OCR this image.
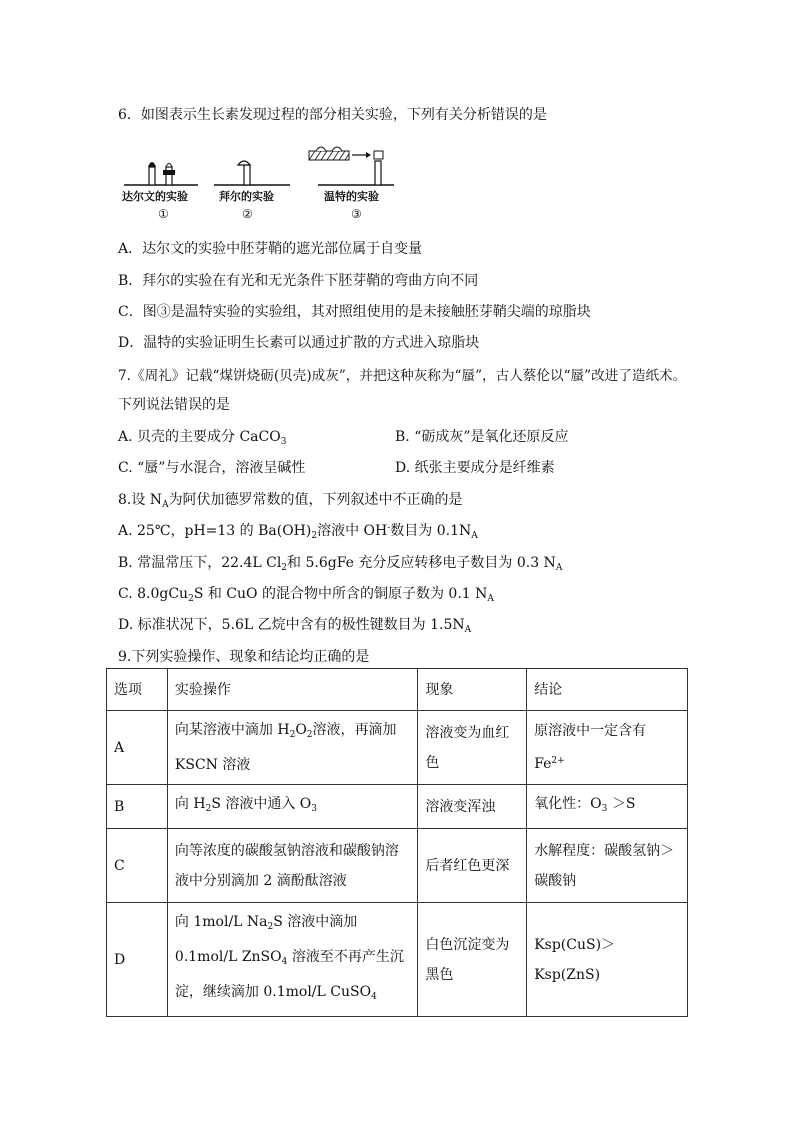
6．如图表示生长素发现过程的部分相关实验，下列有关分析错误的是
达尔文的实验	拜尔的实验	温特的实验
①	②	③
A．达尔文的实验中胚芽鞘的遮光部位属于自变量
B．拜尔的实验在有光和无光条件下胚芽鞘的弯曲方向不同
C．图③是温特实验的实验组，其对照组使用的是未接触胚芽鞘尖端的琼脂块
D．温特的实验证明生长素可以通过扩散的方式进入琼脂块
7.《周礼》记载“煤饼烧砺(贝壳)成灰”，并把这种灰称为“蜃”，古人蔡伦以“蜃”改进了造纸术。
下列说法错误的是
A. 贝壳的主要成分 CaCO$_3$	B. “砺成灰”是氧化还原反应
C. “蜃”与水混合，溶液呈碱性	D. 纸张主要成分是纤维素
8.设 $N_A$为阿伏加德罗常数的值，下列叙述中不正确的是
A. 25℃，pH=13 的 $Ba(OH)_2$溶液中 OH-数目为 $0.1N_A$
B. 常温常压下，22.4L $Cl_2$和 5.6gFe 充分反应转移电子数目为 0.3 $N_A$
C. 8.0gCu$_2$S 和 CuO 的混合物中所含的铜原子数为 0.1 $N_A$
D. 标准状况下，5.6L 乙烷中含有的极性键数目为 $1.5N_A$
9.下列实验操作、现象和结论均正确的是
选项	实验操作	现象	结论
A	向某溶液中滴加 $H_2O_2$溶液，再滴加 KSCN 溶液	溶液变为血红色	原溶液中一定含有 $Fe^{2+}$
B	向 $H_2S$ 溶液中通入 $O_3$	溶液变浑浊	氧化性：$O_3 >S$
C	向等浓度的碳酸氢钠溶液和碳酸钠溶液中分别滴加 2 滴酚酞溶液	后者红色更深	水解程度：碳酸氢钠＞碳酸钠
D	向 1mol/L $Na_2S$ 溶液中滴加 0.1mol/L ZnSO$_4$ 溶液至不再产生沉淀，继续滴加 0.1mol/L CuSO$_4$	白色沉淀变为黑色	Ksp(CuS)＞Ksp(ZnS)
